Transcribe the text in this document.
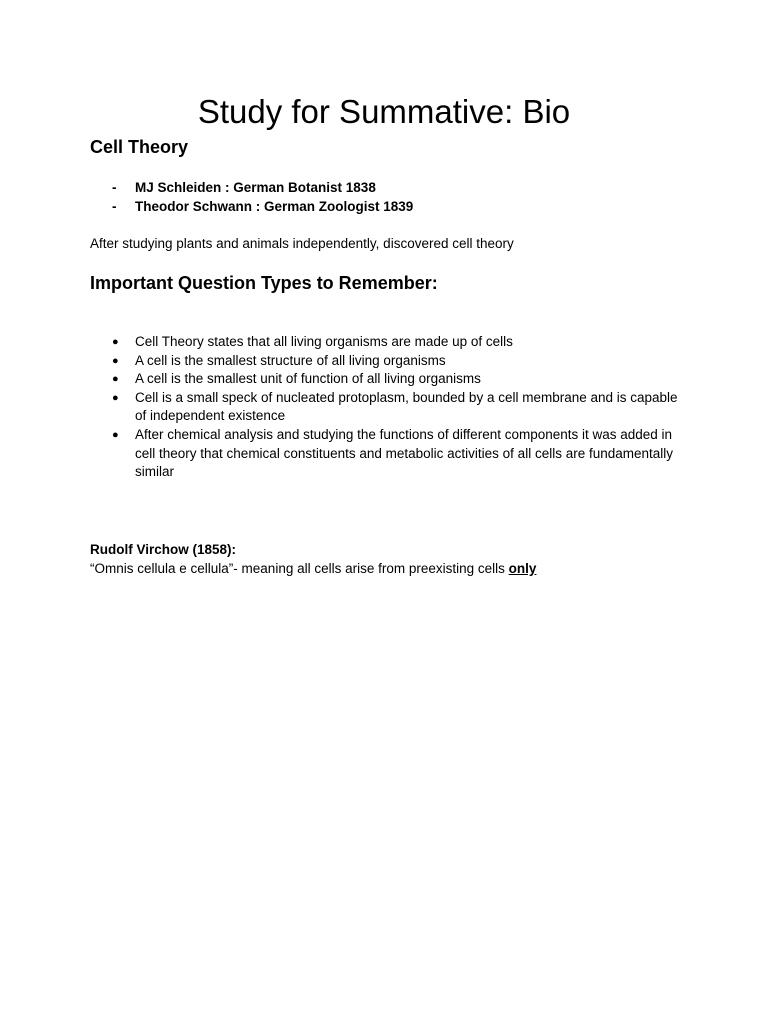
Study for Summative: Bio
Cell Theory
- MJ Schleiden : German Botanist 1838
- Theodor Schwann : German Zoologist 1839

After studying plants and animals independently, discovered cell theory

Important Question Types to Remember:
● Cell Theory states that all living organisms are made up of cells
● A cell is the smallest structure of all living organisms
● A cell is the smallest unit of function of all living organisms
● Cell is a small speck of nucleated protoplasm, bounded by a cell membrane and is capable of independent existence
● After chemical analysis and studying the functions of different components it was added in cell theory that chemical constituents and metabolic activities of all cells are fundamentally similar

Rudolf Virchow (1858):

“Omnis cellula e cellula”- meaning all cells arise from preexisting cells only
